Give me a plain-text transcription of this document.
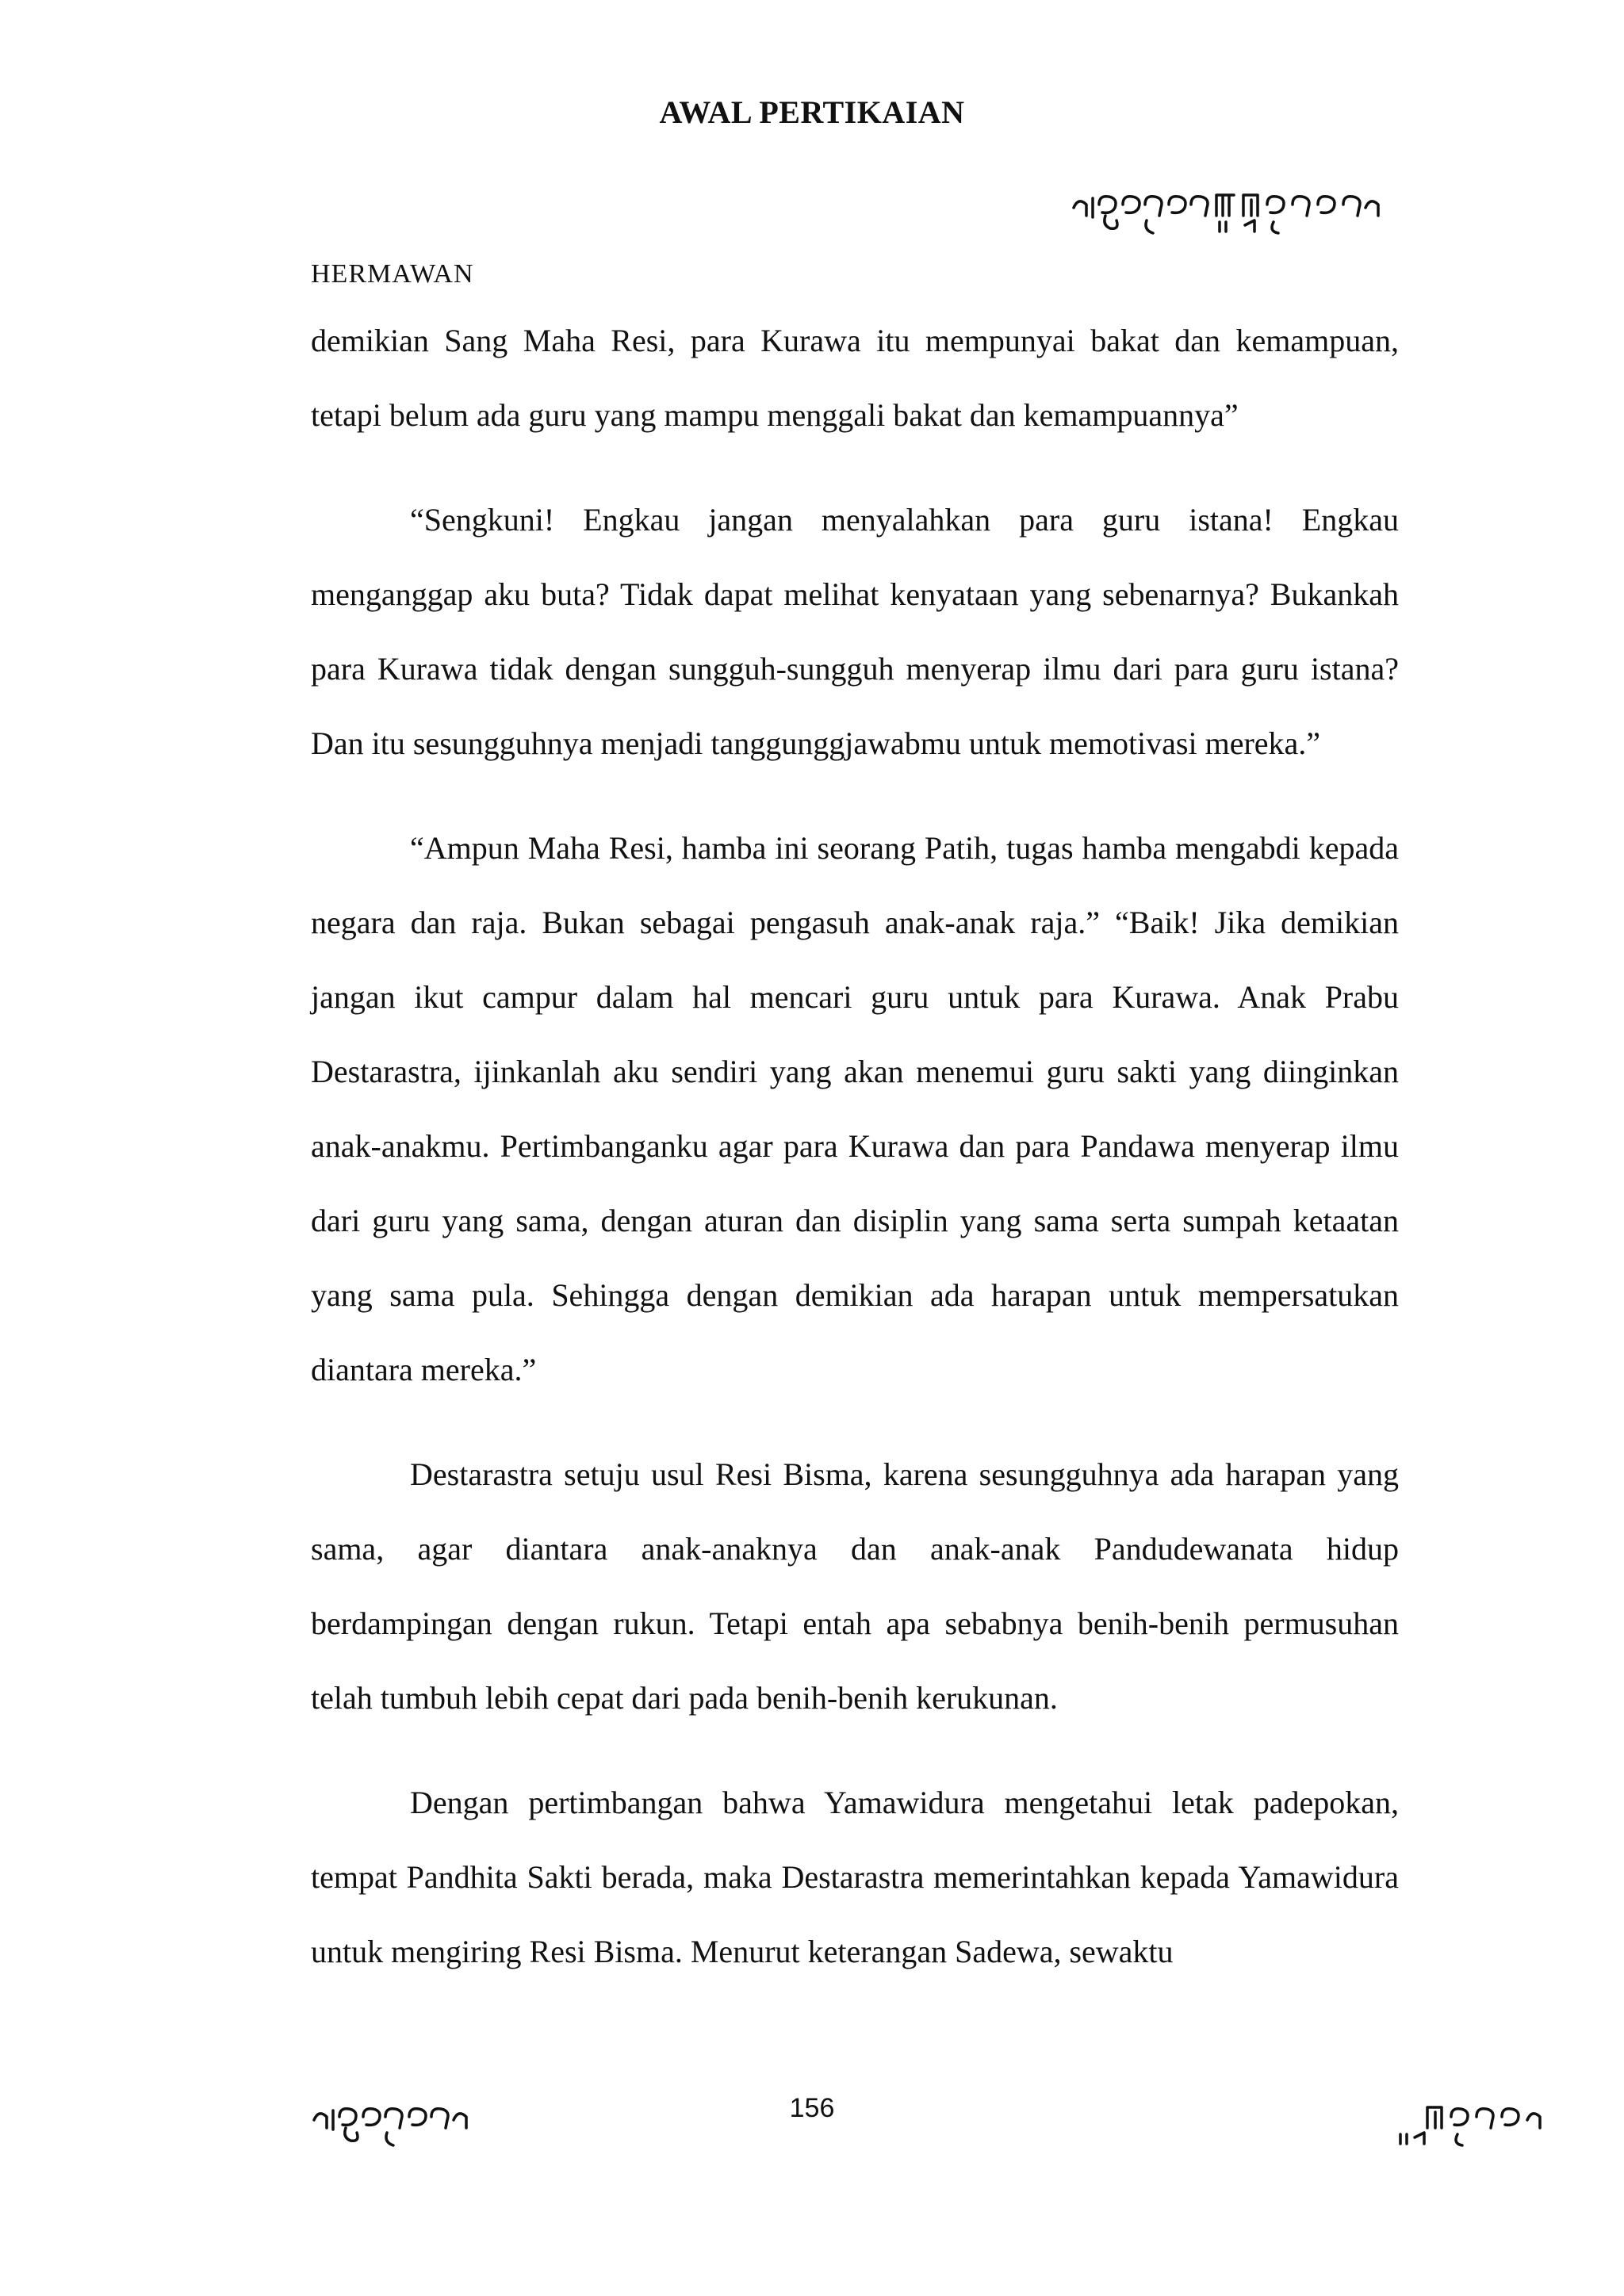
AWAL PERTIKAIAN
HERMAWAN

demikian Sang Maha Resi, para Kurawa itu mempunyai bakat dan kemampuan, tetapi belum ada guru yang mampu menggali bakat dan kemampuannya”

“Sengkuni! Engkau jangan menyalahkan para guru istana! Engkau menganggap aku buta? Tidak dapat melihat kenyataan yang sebenarnya? Bukankah para Kurawa tidak dengan sungguh-sungguh menyerap ilmu dari para guru istana? Dan itu sesungguhnya menjadi tanggunggjawabmu untuk memotivasi mereka.”

“Ampun Maha Resi, hamba ini seorang Patih, tugas hamba mengabdi kepada negara dan raja. Bukan sebagai pengasuh anak-anak raja.” “Baik! Jika demikian jangan ikut campur dalam hal mencari guru untuk para Kurawa. Anak Prabu Destarastra, ijinkanlah aku sendiri yang akan menemui guru sakti yang diinginkan anak-anakmu. Pertimbanganku agar para Kurawa dan para Pandawa menyerap ilmu dari guru yang sama, dengan aturan dan disiplin yang sama serta sumpah ketaatan yang sama pula. Sehingga dengan demikian ada harapan untuk mempersatukan diantara mereka.”

Destarastra setuju usul Resi Bisma, karena sesungguhnya ada harapan yang sama, agar diantara anak-anaknya dan anak-anak Pandudewanata hidup berdampingan dengan rukun. Tetapi entah apa sebabnya benih-benih permusuhan telah tumbuh lebih cepat dari pada benih-benih kerukunan.

Dengan pertimbangan bahwa Yamawidura mengetahui letak padepokan, tempat Pandhita Sakti berada, maka Destarastra memerintahkan kepada Yamawidura untuk mengiring Resi Bisma. Menurut keterangan Sadewa, sewaktu

156
